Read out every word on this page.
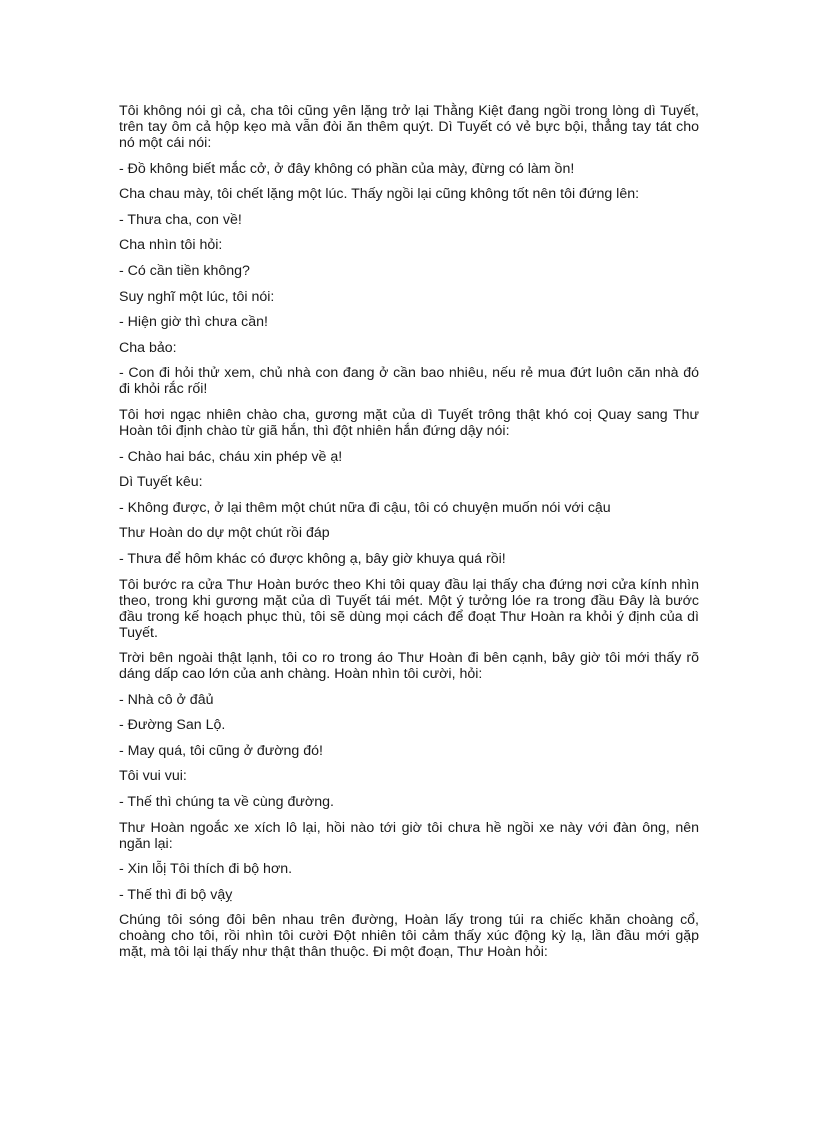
Tôi không nói gì cả, cha tôi cũng yên lặng trở lại Thằng Kiệt đang ngồi trong lòng dì Tuyết, trên tay ôm cả hộp kẹo mà vẫn đòi ăn thêm quýt. Dì Tuyết có vẻ bực bội, thẳng tay tát cho nó một cái nói:

- Đồ không biết mắc cở, ở đây không có phần của mày, đừng có làm ồn!

Cha chau mày, tôi chết lặng một lúc. Thấy ngồi lại cũng không tốt nên tôi đứng lên:

- Thưa cha, con về!

Cha nhìn tôi hỏi:

- Có cần tiền không?

Suy nghĩ một lúc, tôi nói:

- Hiện giờ thì chưa cần!

Cha bảo:

- Con đi hỏi thử xem, chủ nhà con đang ở cần bao nhiêu, nếu rẻ mua đứt luôn căn nhà đó đi khỏi rắc rối!

Tôi hơi ngạc nhiên chào cha, gương mặt của dì Tuyết trông thật khó coị Quay sang Thư Hoàn tôi định chào từ giã hắn, thì đột nhiên hắn đứng dậy nói:

- Chào hai bác, cháu xin phép về ạ!

Dì Tuyết kêu:

- Không được, ở lại thêm một chút nữa đi cậu, tôi có chuyện muốn nói với cậu

Thư Hoàn do dự một chút rồi đáp

- Thưa để hôm khác có được không ạ, bây giờ khuya quá rồi!

Tôi bước ra cửa Thư Hoàn bước theo Khi tôi quay đầu lại thấy cha đứng nơi cửa kính nhìn theo, trong khi gương mặt của dì Tuyết tái mét. Một ý tưởng lóe ra trong đầu Đây là bước đầu trong kế hoạch phục thù, tôi sẽ dùng mọi cách để đoạt Thư Hoàn ra khỏi ý định của dì Tuyết.

Trời bên ngoài thật lạnh, tôi co ro trong áo Thư Hoàn đi bên cạnh, bây giờ tôi mới thấy rõ dáng dấp cao lớn của anh chàng. Hoàn nhìn tôi cười, hỏi:

- Nhà cô ở đâủ

- Đường San Lộ.

- May quá, tôi cũng ở đường đó!

Tôi vui vui:

- Thế thì chúng ta về cùng đường.

Thư Hoàn ngoắc xe xích lô lại, hồi nào tới giờ tôi chưa hề ngồi xe này với đàn ông, nên ngăn lại:

- Xin lỗị Tôi thích đi bộ hơn.

- Thế thì đi bộ vậỵ

Chúng tôi sóng đôi bên nhau trên đường, Hoàn lấy trong túi ra chiếc khăn choàng cổ, choàng cho tôi, rồi nhìn tôi cười Đột nhiên tôi cảm thấy xúc động kỳ lạ, lần đầu mới gặp mặt, mà tôi lại thấy như thật thân thuộc. Đi một đoạn, Thư Hoàn hỏi:
